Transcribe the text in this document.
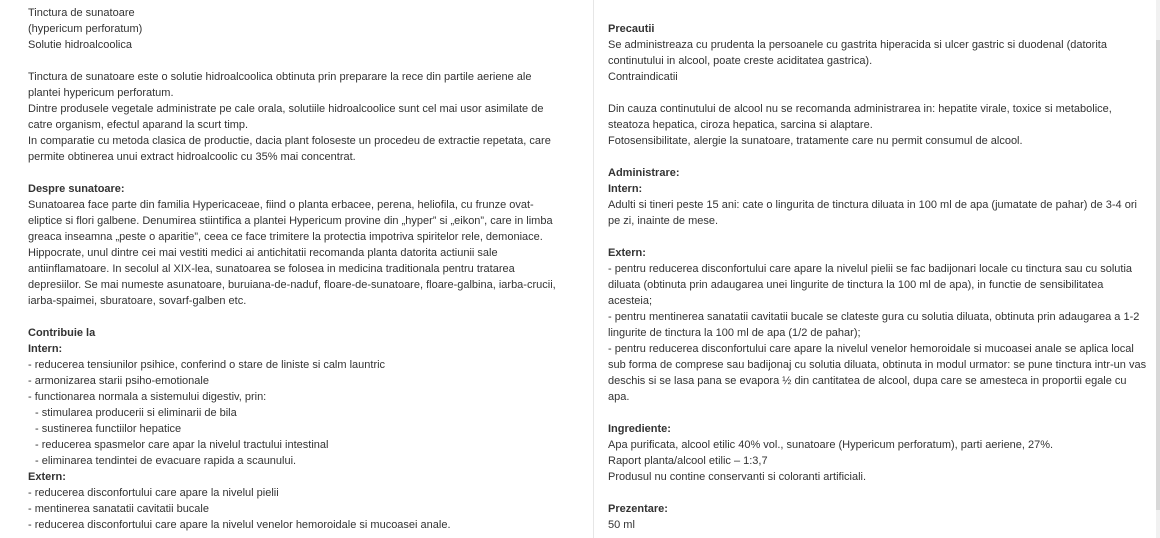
Tinctura de sunatoare

(hypericum perforatum)

Solutie hidroalcoolica

Tinctura de sunatoare este o solutie hidroalcoolica obtinuta prin preparare la rece din partile aeriene ale

plantei hypericum perforatum.

Dintre produsele vegetale administrate pe cale orala, solutiile hidroalcoolice sunt cel mai usor asimilate de

catre organism, efectul aparand la scurt timp.

In comparatie cu metoda clasica de productie, dacia plant foloseste un procedeu de extractie repetata, care

permite obtinerea unui extract hidroalcoolic cu 35% mai concentrat.

Despre sunatoare:

Sunatoarea face parte din familia Hypericaceae, fiind o planta erbacee, perena, heliofila, cu frunze ovat-

eliptice si flori galbene. Denumirea stiintifica a plantei Hypericum provine din „hyper” si „eikon”, care in limba

greaca inseamna „peste o aparitie”, ceea ce face trimitere la protectia impotriva spiritelor rele, demoniace.

Hippocrate, unul dintre cei mai vestiti medici ai antichitatii recomanda planta datorita actiunii sale

antiinflamatoare. In secolul al XIX-lea, sunatoarea se folosea in medicina traditionala pentru tratarea

depresiilor. Se mai numeste asunatoare, buruiana-de-naduf, floare-de-sunatoare, floare-galbina, iarba-crucii,

iarba-spaimei, sburatoare, sovarf-galben etc.

Contribuie la

Intern:

- reducerea tensiunilor psihice, conferind o stare de liniste si calm launtric
- armonizarea starii psiho-emotionale
- functionarea normala a sistemului digestiv, prin:
- stimularea producerii si eliminarii de bila
- sustinerea functiilor hepatice
- reducerea spasmelor care apar la nivelul tractului intestinal
- eliminarea tendintei de evacuare rapida a scaunului.

Extern:

- reducerea disconfortului care apare la nivelul pielii
- mentinerea sanatatii cavitatii bucale
- reducerea disconfortului care apare la nivelul venelor hemoroidale si mucoasei anale.

Precautii

Se administreaza cu prudenta la persoanele cu gastrita hiperacida si ulcer gastric si duodenal (datorita

continutului in alcool, poate creste aciditatea gastrica).

Contraindicatii

Din cauza continutului de alcool nu se recomanda administrarea in: hepatite virale, toxice si metabolice,

steatoza hepatica, ciroza hepatica, sarcina si alaptare.

Fotosensibilitate, alergie la sunatoare, tratamente care nu permit consumul de alcool.

Administrare:

Intern:

Adulti si tineri peste 15 ani: cate o lingurita de tinctura diluata in 100 ml de apa (jumatate de pahar) de 3-4 ori

pe zi, inainte de mese.

Extern:

- pentru reducerea disconfortului care apare la nivelul pielii se fac badijonari locale cu tinctura sau cu solutia

diluata (obtinuta prin adaugarea unei lingurite de tinctura la 100 ml de apa), in functie de sensibilitatea

acesteia;

- pentru mentinerea sanatatii cavitatii bucale se clateste gura cu solutia diluata, obtinuta prin adaugarea a 1-2

lingurite de tinctura la 100 ml de apa (1/2 de pahar);

- pentru reducerea disconfortului care apare la nivelul venelor hemoroidale si mucoasei anale se aplica local

sub forma de comprese sau badijonaj cu solutia diluata, obtinuta in modul urmator: se pune tinctura intr-un vas

deschis si se lasa pana se evapora ½ din cantitatea de alcool, dupa care se amesteca in proportii egale cu

apa.

Ingrediente:

Apa purificata, alcool etilic 40% vol., sunatoare (Hypericum perforatum), parti aeriene, 27%.

Raport planta/alcool etilic – 1:3,7

Produsul nu contine conservanti si coloranti artificiali.

Prezentare:

50 ml
